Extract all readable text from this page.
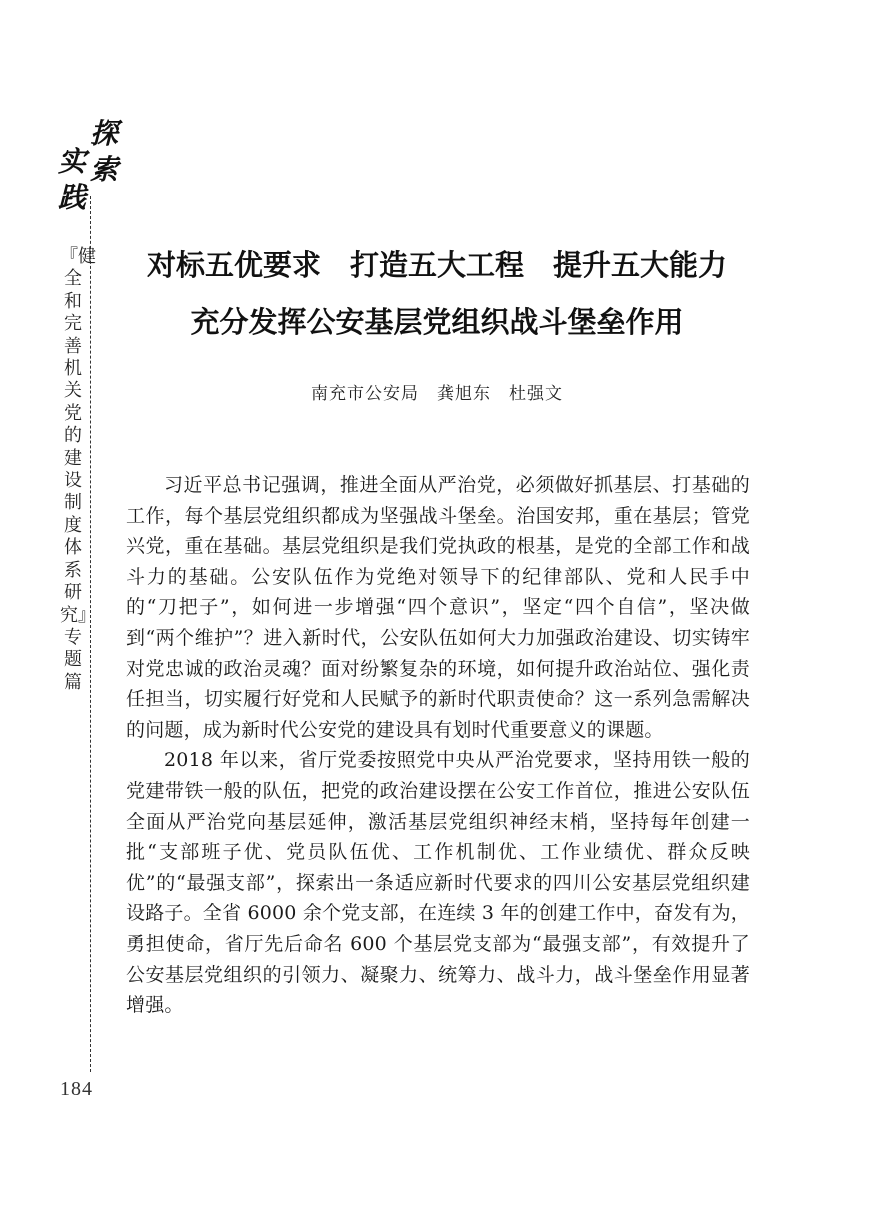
探
索
实
践
『健全和完善机关党的建设制度体系研究』专题篇
184
对标五优要求　打造五大工程　提升五大能力
充分发挥公安基层党组织战斗堡垒作用
南充市公安局　龚旭东　杜强文

习近平总书记强调，推进全面从严治党，必须做好抓基层、打基础的工作，每个基层党组织都成为坚强战斗堡垒。治国安邦，重在基层；管党兴党，重在基础。基层党组织是我们党执政的根基，是党的全部工作和战斗力的基础。公安队伍作为党绝对领导下的纪律部队、党和人民手中的“刀把子”，如何进一步增强“四个意识”，坚定“四个自信”，坚决做到“两个维护”？进入新时代，公安队伍如何大力加强政治建设、切实铸牢对党忠诚的政治灵魂？面对纷繁复杂的环境，如何提升政治站位、强化责任担当，切实履行好党和人民赋予的新时代职责使命？这一系列急需解决的问题，成为新时代公安党的建设具有划时代重要意义的课题。

2018 年以来，省厅党委按照党中央从严治党要求，坚持用铁一般的党建带铁一般的队伍，把党的政治建设摆在公安工作首位，推进公安队伍全面从严治党向基层延伸，激活基层党组织神经末梢，坚持每年创建一批“支部班子优、党员队伍优、工作机制优、工作业绩优、群众反映优”的“最强支部”，探索出一条适应新时代要求的四川公安基层党组织建设路子。全省 6000 余个党支部，在连续 3 年的创建工作中，奋发有为，勇担使命，省厅先后命名 600 个基层党支部为“最强支部”，有效提升了公安基层党组织的引领力、凝聚力、统筹力、战斗力，战斗堡垒作用显著增强。
